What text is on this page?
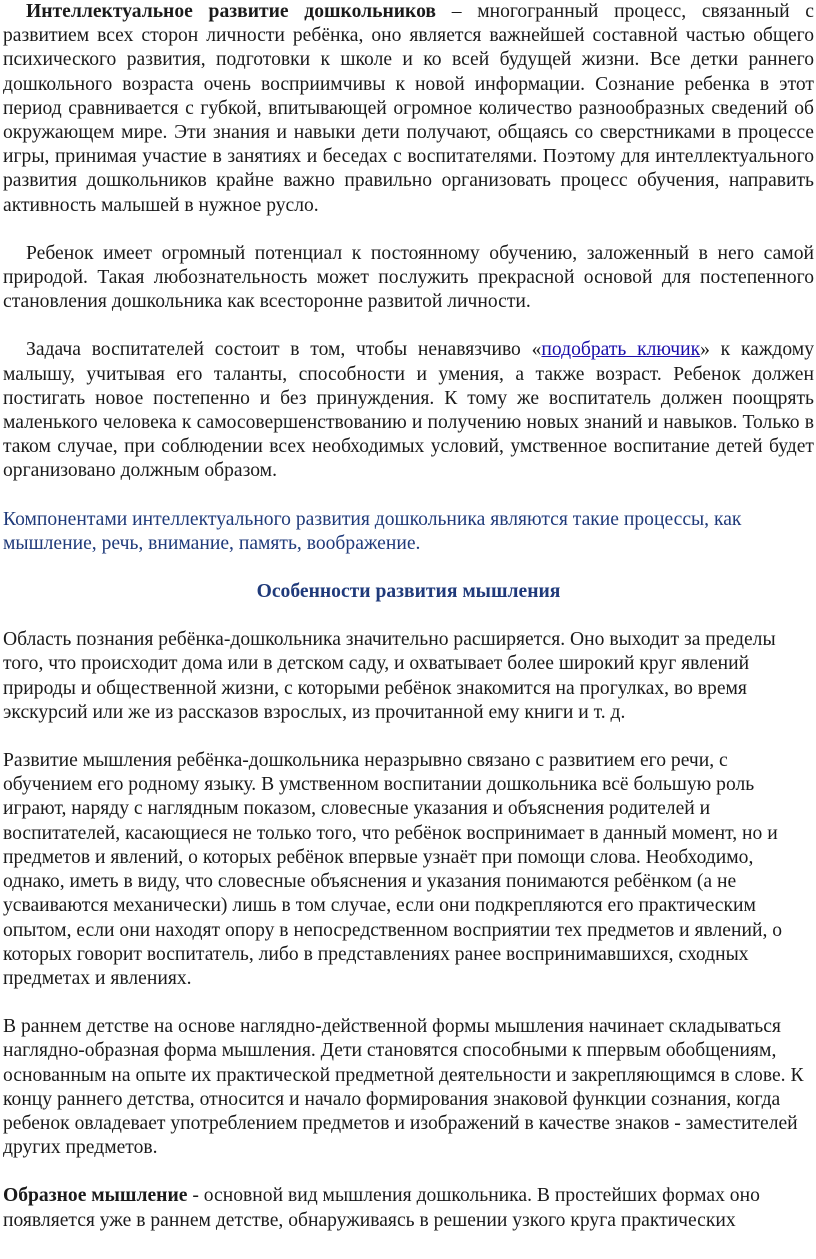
Интеллектуальное развитие дошкольников – многогранный процесс, связанный с развитием всех сторон личности ребёнка, оно является важнейшей составной частью общего психического развития, подготовки к школе и ко всей будущей жизни. Все детки раннего дошкольного возраста очень восприимчивы к новой информации. Сознание ребенка в этот период сравнивается с губкой, впитывающей огромное количество разнообразных сведений об окружающем мире. Эти знания и навыки дети получают, общаясь со сверстниками в процессе игры, принимая участие в занятиях и беседах с воспитателями. Поэтому для интеллектуального развития дошкольников крайне важно правильно организовать процесс обучения, направить активность малышей в нужное русло.

Ребенок имеет огромный потенциал к постоянному обучению, заложенный в него самой природой. Такая любознательность может послужить прекрасной основой для постепенного становления дошкольника как всесторонне развитой личности.

Задача воспитателей состоит в том, чтобы ненавязчиво «подобрать ключик» к каждому малышу, учитывая его таланты, способности и умения, а также возраст. Ребенок должен постигать новое постепенно и без принуждения. К тому же воспитатель должен поощрять маленького человека к самосовершенствованию и получению новых знаний и навыков. Только в таком случае, при соблюдении всех необходимых условий, умственное воспитание детей будет организовано должным образом.

Компонентами интеллектуального развития дошкольника являются такие процессы, как мышление, речь, внимание, память, воображение.

Особенности развития мышления

Область познания ребёнка-дошкольника значительно расширяется. Оно выходит за пределы того, что происходит дома или в детском саду, и охватывает более широкий круг явлений природы и общественной жизни, с которыми ребёнок знакомится на прогулках, во время экскурсий или же из рассказов взрослых, из прочитанной ему книги и т. д.

Развитие мышления ребёнка-дошкольника неразрывно связано с развитием его речи, с обучением его родному языку. В умственном воспитании дошкольника всё большую роль играют, наряду с наглядным показом, словесные указания и объяснения родителей и воспитателей, касающиеся не только того, что ребёнок воспринимает в данный момент, но и предметов и явлений, о которых ребёнок впервые узнаёт при помощи слова. Необходимо, однако, иметь в виду, что словесные объяснения и указания понимаются ребёнком (а не усваиваются механически) лишь в том случае, если они подкрепляются его практическим опытом, если они находят опору в непосредственном восприятии тех предметов и явлений, о которых говорит воспитатель, либо в представлениях ранее воспринимавшихся, сходных предметах и явлениях.

В раннем детстве на основе наглядно-действенной формы мышления начинает складываться наглядно-образная форма мышления. Дети становятся способными к ппервым обобщениям, основанным на опыте их практической предметной деятельности и закрепляющимся в слове. К концу раннего детства, относится и начало формирования знаковой функции сознания, когда ребенок овладевает употреблением предметов и изображений в качестве знаков - заместителей других предметов.

Образное мышление - основной вид мышления дошкольника. В простейших формах оно появляется уже в раннем детстве, обнаруживаясь в решении узкого круга практических
